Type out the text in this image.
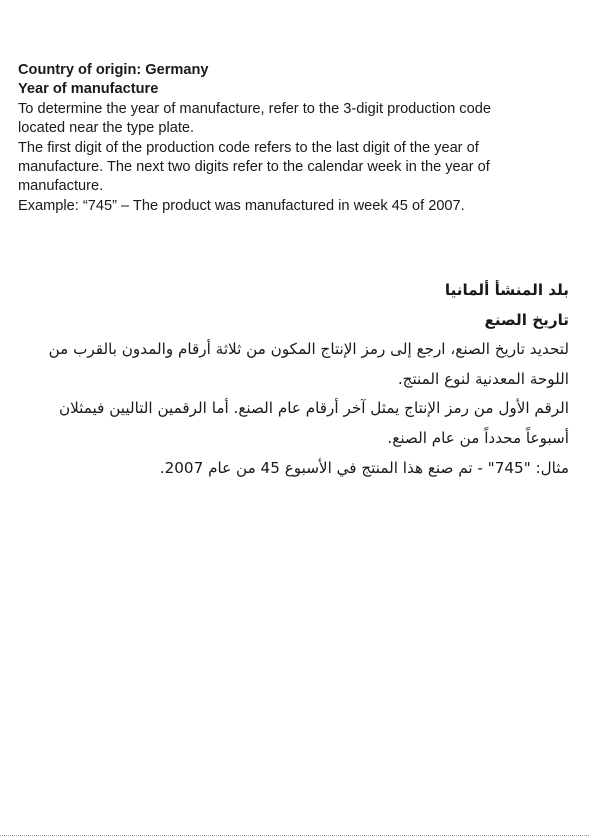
Country of origin: Germany
Year of manufacture
To determine the year of manufacture, refer to the 3-digit production code
located near the type plate.
The first digit of the production code refers to the last digit of the year of
manufacture. The next two digits refer to the calendar week in the year of
manufacture.
Example: “745” – The product was manufactured in week 45 of 2007.
بلد المنشأ ألمانيا
تاريخ الصنع
لتحديد تاريخ الصنع، ارجع إلى رمز الإنتاج المكون من ثلاثة أرقام والمدون بالقرب من
اللوحة المعدنية لنوع المنتج.
الرقم الأول من رمز الإنتاج يمثل آخر أرقام عام الصنع. أما الرقمين التاليين فيمثلان
أسبوعاً محدداً من عام الصنع.
مثال: "745" - تم صنع هذا المنتج في الأسبوع 45 من عام 2007.
